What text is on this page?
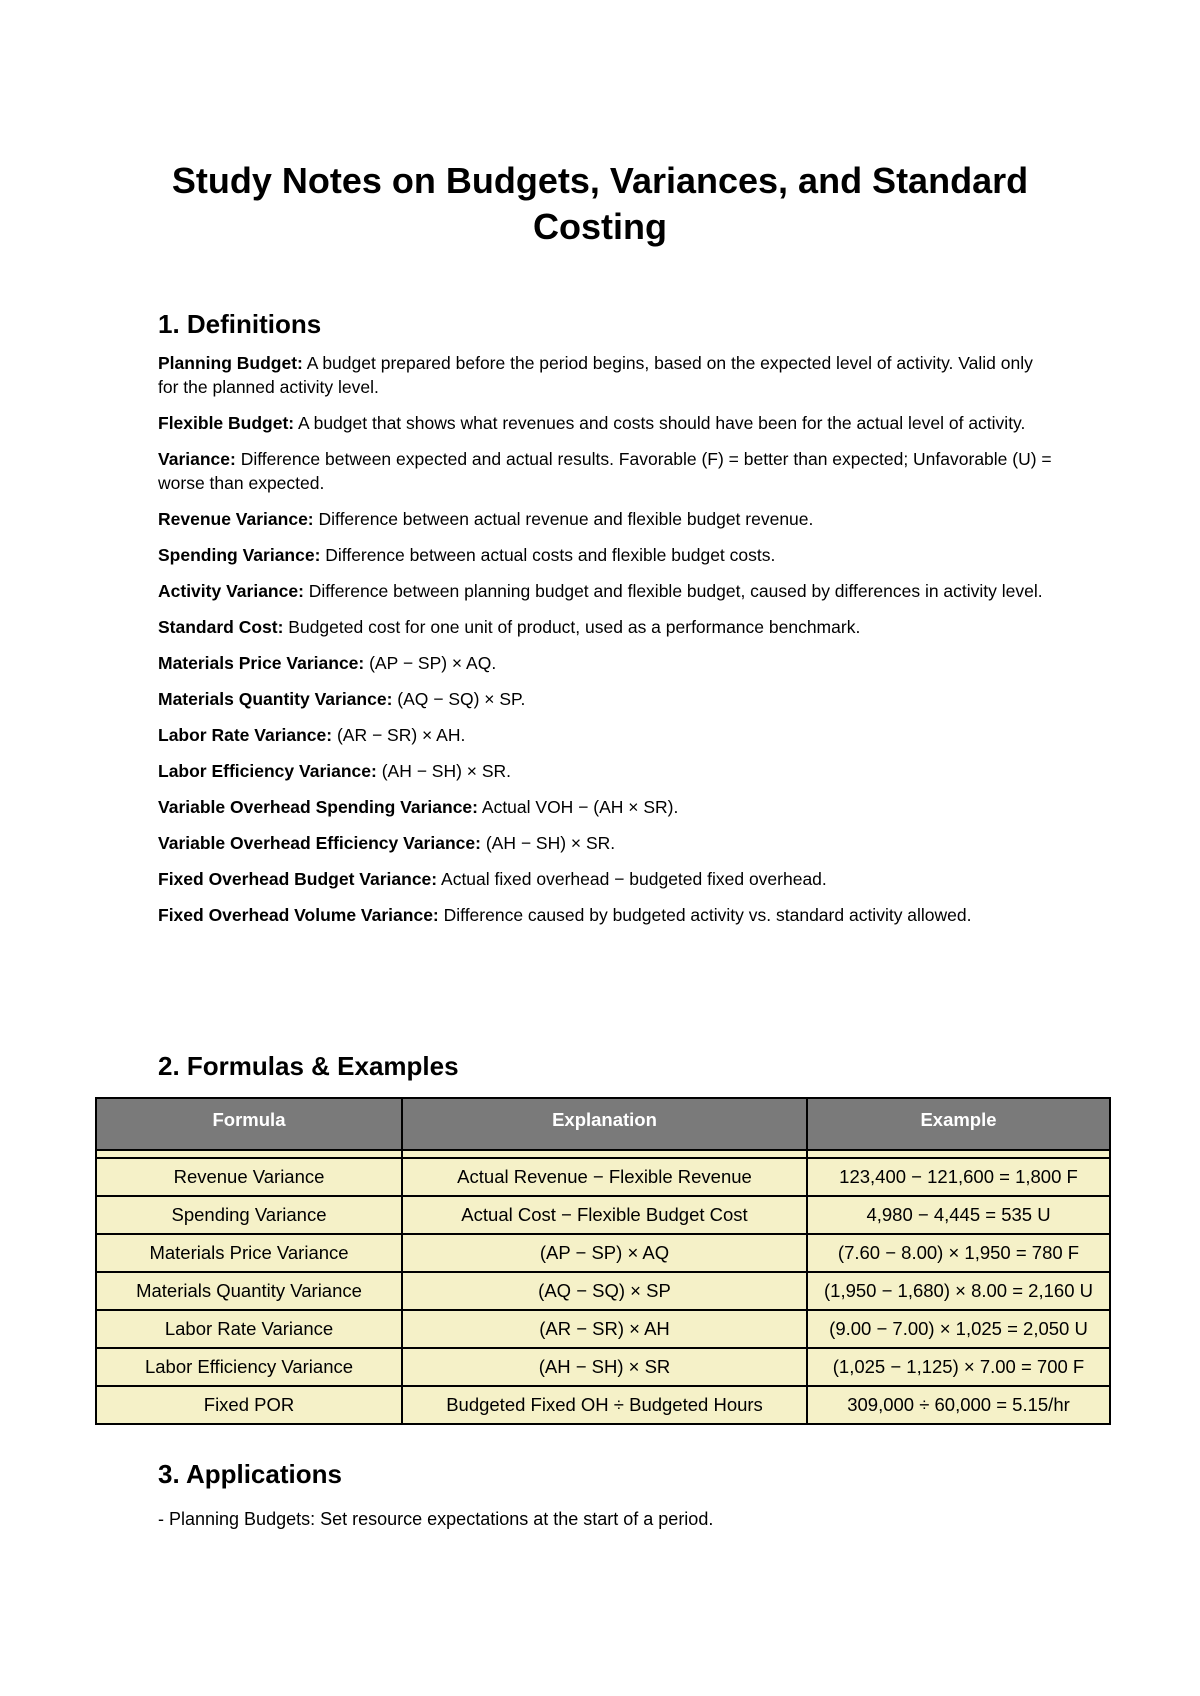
Study Notes on Budgets, Variances, and Standard Costing
1. Definitions

Planning Budget: A budget prepared before the period begins, based on the expected level of activity. Valid only for the planned activity level.

Flexible Budget: A budget that shows what revenues and costs should have been for the actual level of activity.

Variance: Difference between expected and actual results. Favorable (F) = better than expected; Unfavorable (U) = worse than expected.

Revenue Variance: Difference between actual revenue and flexible budget revenue.

Spending Variance: Difference between actual costs and flexible budget costs.

Activity Variance: Difference between planning budget and flexible budget, caused by differences in activity level.

Standard Cost: Budgeted cost for one unit of product, used as a performance benchmark.

Materials Price Variance: (AP − SP) × AQ.

Materials Quantity Variance: (AQ − SQ) × SP.

Labor Rate Variance: (AR − SR) × AH.

Labor Efficiency Variance: (AH − SH) × SR.

Variable Overhead Spending Variance: Actual VOH − (AH × SR).

Variable Overhead Efficiency Variance: (AH − SH) × SR.

Fixed Overhead Budget Variance: Actual fixed overhead − budgeted fixed overhead.

Fixed Overhead Volume Variance: Difference caused by budgeted activity vs. standard activity allowed.

2. Formulas & Examples
Formula	Explanation	Example

Revenue Variance	Actual Revenue − Flexible Revenue	123,400 − 121,600 = 1,800 F
Spending Variance	Actual Cost − Flexible Budget Cost	4,980 − 4,445 = 535 U
Materials Price Variance	(AP − SP) × AQ	(7.60 − 8.00) × 1,950 = 780 F
Materials Quantity Variance	(AQ − SQ) × SP	(1,950 − 1,680) × 8.00 = 2,160 U
Labor Rate Variance	(AR − SR) × AH	(9.00 − 7.00) × 1,025 = 2,050 U
Labor Efficiency Variance	(AH − SH) × SR	(1,025 − 1,125) × 7.00 = 700 F
Fixed POR	Budgeted Fixed OH ÷ Budgeted Hours	309,000 ÷ 60,000 = 5.15/hr
3. Applications

- Planning Budgets: Set resource expectations at the start of a period.
